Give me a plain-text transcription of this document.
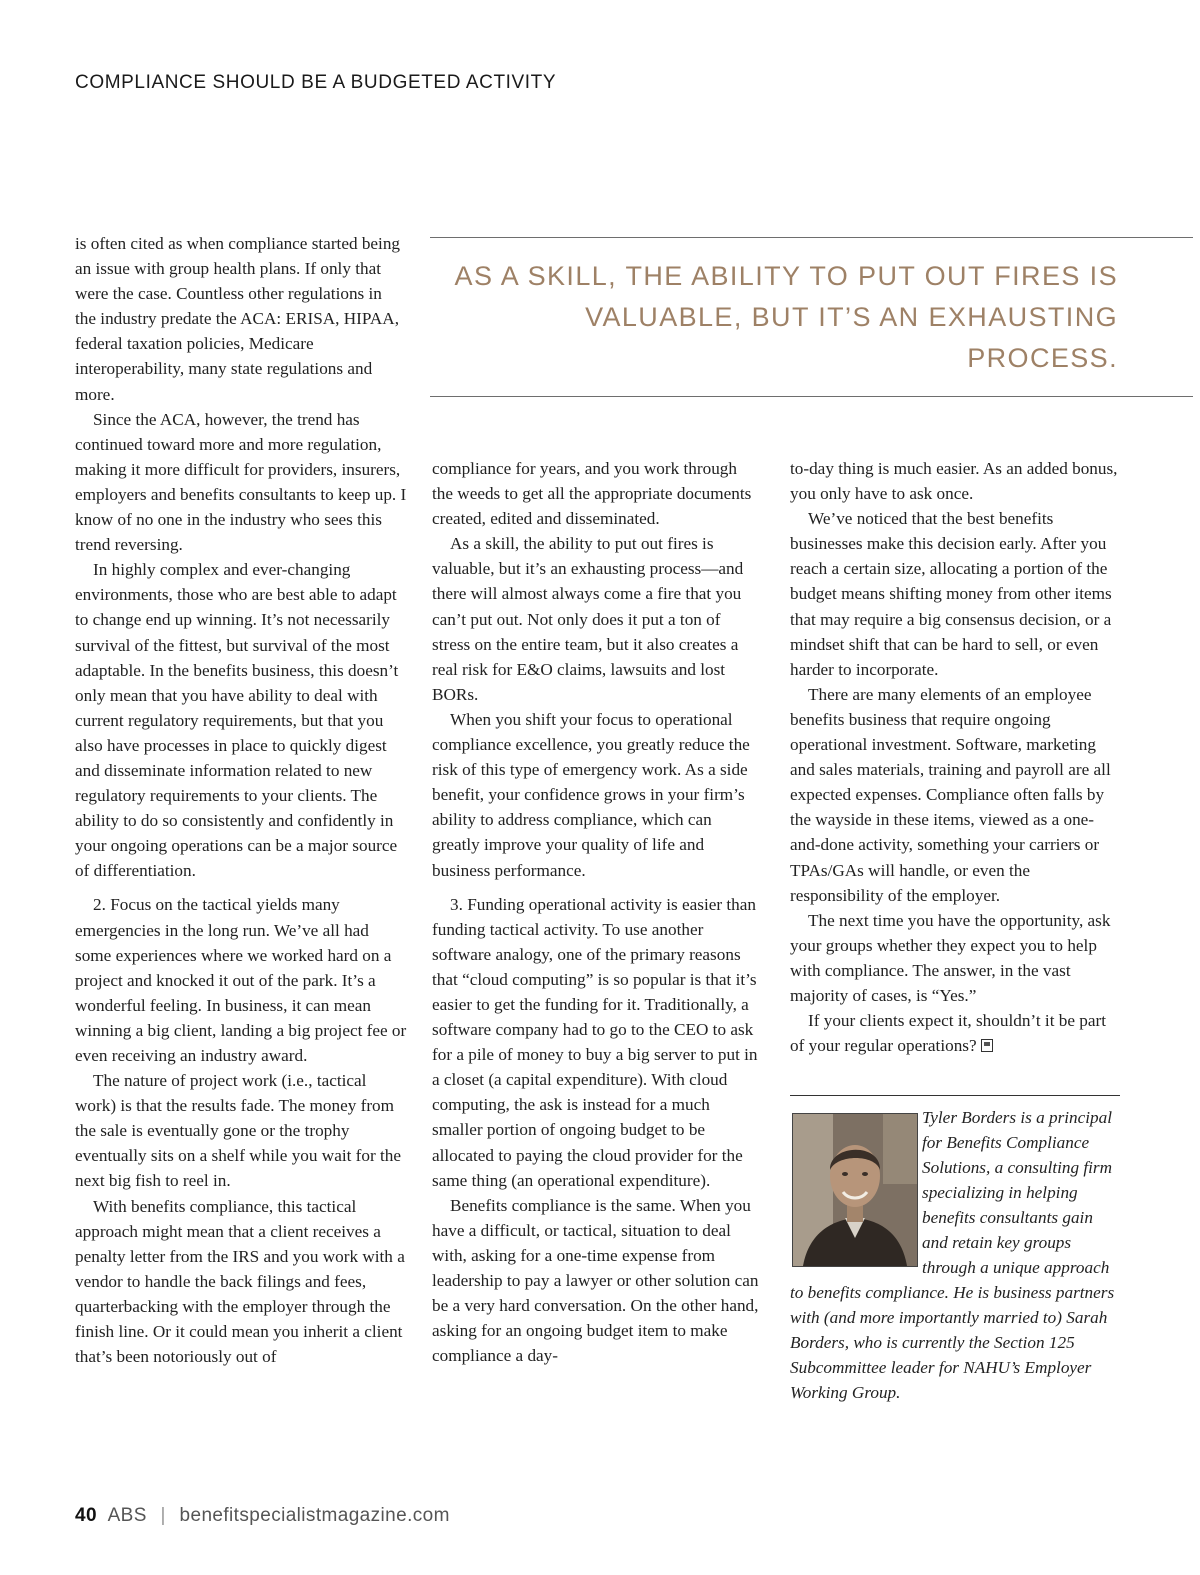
COMPLIANCE SHOULD BE A BUDGETED ACTIVITY

is often cited as when compliance started being an issue with group health plans. If only that were the case. Countless other regulations in the industry predate the ACA: ERISA, HIPAA, federal taxation policies, Medicare interoperability, many state regulations and more.

Since the ACA, however, the trend has continued toward more and more regulation, making it more difficult for providers, insurers, employers and benefits consultants to keep up. I know of no one in the industry who sees this trend reversing.

In highly complex and ever-changing environments, those who are best able to adapt to change end up winning. It’s not necessarily survival of the fittest, but survival of the most adaptable. In the benefits business, this doesn’t only mean that you have ability to deal with current regulatory requirements, but that you also have processes in place to quickly digest and disseminate information related to new regulatory requirements to your clients. The ability to do so consistently and confidently in your ongoing operations can be a major source of differentiation.

2. Focus on the tactical yields many emergencies in the long run. We’ve all had some experiences where we worked hard on a project and knocked it out of the park. It’s a wonderful feeling. In business, it can mean winning a big client, landing a big project fee or even receiving an industry award.

The nature of project work (i.e., tactical work) is that the results fade. The money from the sale is eventually gone or the trophy eventually sits on a shelf while you wait for the next big fish to reel in.

With benefits compliance, this tactical approach might mean that a client receives a penalty letter from the IRS and you work with a vendor to handle the back filings and fees, quarterbacking with the employer through the finish line. Or it could mean you inherit a client that’s been notoriously out of

AS A SKILL, THE ABILITY TO PUT OUT FIRES IS VALUABLE, BUT IT’S AN EXHAUSTING PROCESS.

compliance for years, and you work through the weeds to get all the appropriate documents created, edited and disseminated.

As a skill, the ability to put out fires is valuable, but it’s an exhausting process—and there will almost always come a fire that you can’t put out. Not only does it put a ton of stress on the entire team, but it also creates a real risk for E&O claims, lawsuits and lost BORs.

When you shift your focus to operational compliance excellence, you greatly reduce the risk of this type of emergency work. As a side benefit, your confidence grows in your firm’s ability to address compliance, which can greatly improve your quality of life and business performance.

3. Funding operational activity is easier than funding tactical activity. To use another software analogy, one of the primary reasons that “cloud computing” is so popular is that it’s easier to get the funding for it. Traditionally, a software company had to go to the CEO to ask for a pile of money to buy a big server to put in a closet (a capital expenditure). With cloud computing, the ask is instead for a much smaller portion of ongoing budget to be allocated to paying the cloud provider for the same thing (an operational expenditure).

Benefits compliance is the same. When you have a difficult, or tactical, situation to deal with, asking for a one-time expense from leadership to pay a lawyer or other solution can be a very hard conversation. On the other hand, asking for an ongoing budget item to make compliance a day-

to-day thing is much easier. As an added bonus, you only have to ask once.

We’ve noticed that the best benefits businesses make this decision early. After you reach a certain size, allocating a portion of the budget means shifting money from other items that may require a big consensus decision, or a mindset shift that can be hard to sell, or even harder to incorporate.

There are many elements of an employee benefits business that require ongoing operational investment. Software, marketing and sales materials, training and payroll are all expected expenses. Compliance often falls by the wayside in these items, viewed as a one-and-done activity, something your carriers or TPAs/GAs will handle, or even the responsibility of the employer.

The next time you have the opportunity, ask your groups whether they expect you to help with compliance. The answer, in the vast majority of cases, is “Yes.”

If your clients expect it, shouldn’t it be part of your regular operations?

Tyler Borders is a principal for Benefits Compliance Solutions, a consulting firm specializing in helping benefits consultants gain and retain key groups through a unique approach to benefits compliance. He is business partners with (and more importantly married to) Sarah Borders, who is currently the Section 125 Subcommittee leader for NAHU’s Employer Working Group.
40 ABS | benefitspecialistmagazine.com
